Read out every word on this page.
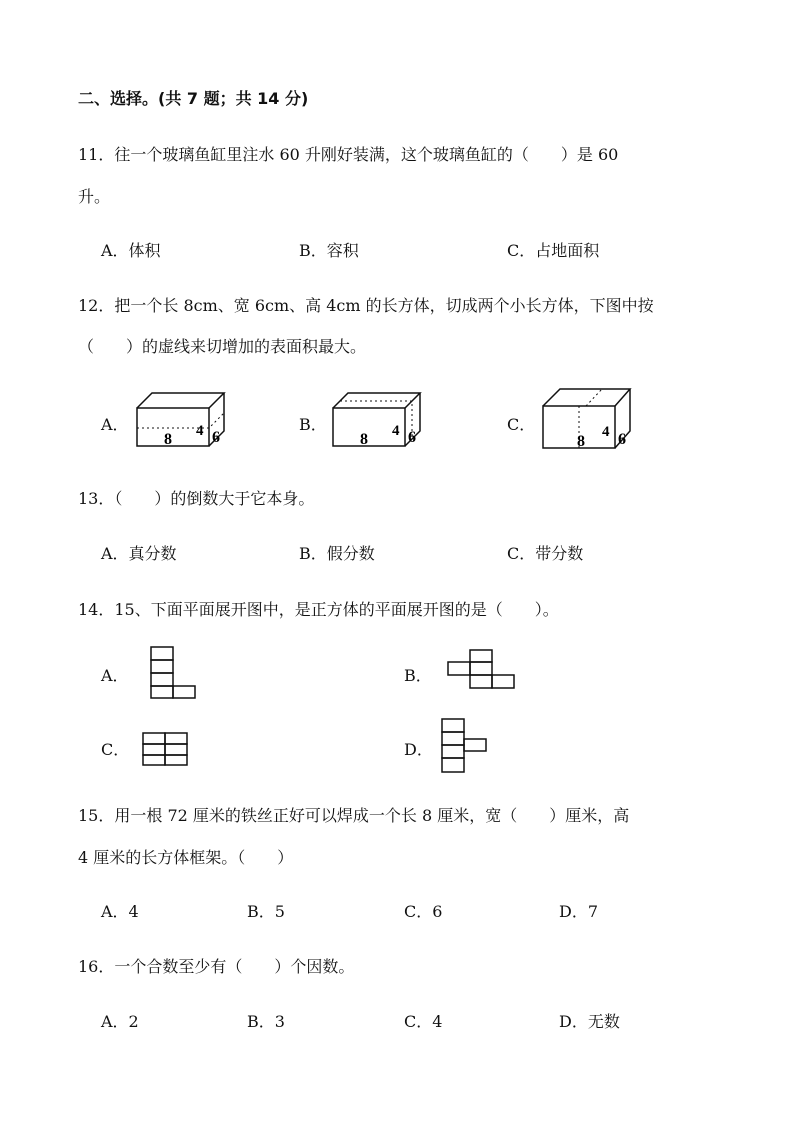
二、选择。(共 7 题；共 14 分)
11．往一个玻璃鱼缸里注水 60 升刚好装满，这个玻璃鱼缸的（　　）是 60
升。
A．体积	B．容积	C．占地面积
12．把一个长 8cm、宽 6cm、高 4cm 的长方体，切成两个小长方体，下图中按
（　　）的虚线来切增加的表面积最大。
A．
8 4 6
B．
8 4 6
C．
8
4 6
13．（　　）的倒数大于它本身。
A．真分数	B．假分数	C．带分数
14．15、下面平面展开图中，是正方体的平面展开图的是（　　）。
A．	B．
C．	D．
15．用一根 72 厘米的铁丝正好可以焊成一个长 8 厘米，宽（　　）厘米，高
4 厘米的长方体框架。（　　）
A．4	B．5	C．6	D．7
16．一个合数至少有（　　）个因数。
A．2	B．3	C．4	D．无数
